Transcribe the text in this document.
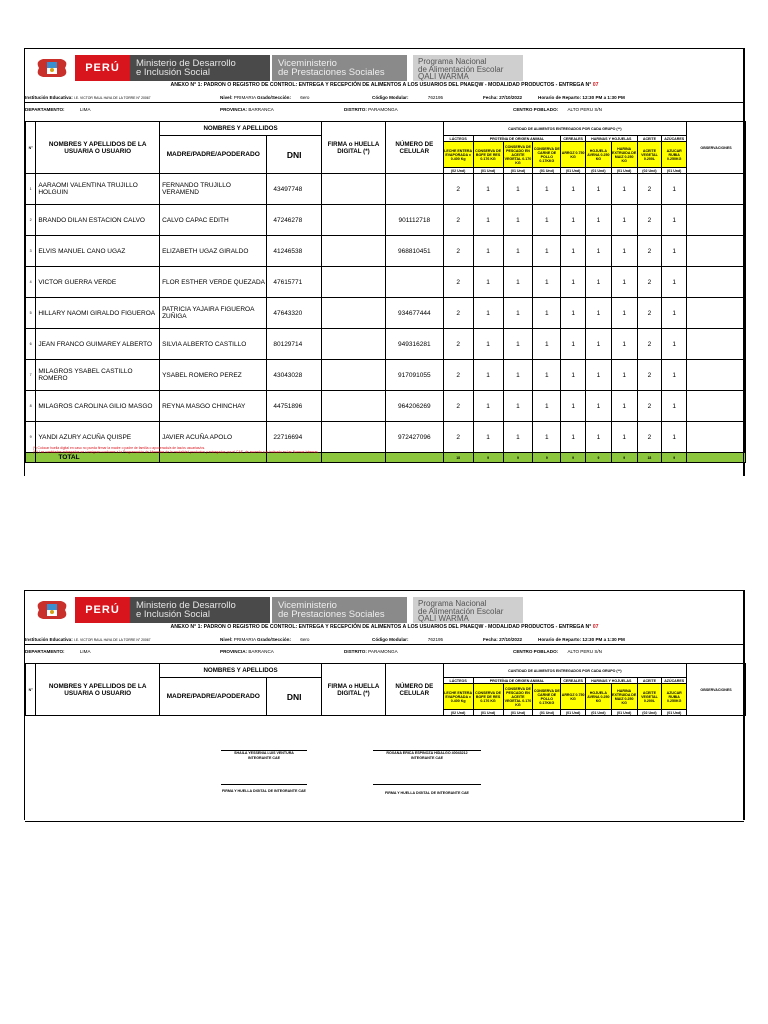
PERÚ	Ministerio de Desarrollo
e Inclusión Social
Viceministerio
de Prestaciones Sociales
Programa Nacional
de Alimentación Escolar
QALI WARMA
ANEXO N° 1: PADRON O REGISTRO DE CONTROL: ENTREGA Y RECEPCIÓN DE ALIMENTOS A LOS USUARIOS DEL PNAEQW - MODALIDAD PRODUCTOS - ENTREGA N° 07
Institución Educativa: I.E. VICTOR RAUL HAYA DE LA TORRE N° 20067	Nivel: PRIMARIA Grado/Sección: 6ero	Código Modular:	762195	Fecha: 27/10/2022	Horario de Reparto: 12:30 PM a 1:30 PM
DEPARTAMENTO:	LIMA	PROVINCIA: BARRANCA	DISTRITO: PARAMONGA	CENTRO POBLADO: ALTO PERU S/N
N°	NOMBRES Y APELLIDOS DE LA USUARIA O USUARIO	NOMBRES Y APELLIDOS		FIRMA o HUELLA DIGITAL (*)	NÚMERO DE CELULAR	CANTIDAD DE ALIMENTOS ENTREGADOS POR CADA GRUPO (**)									OBSERVACIONES
		MADRE/PADRE/APODERADO	DNI			LÁCTEOS	PROTEÍNA DE ORIGEN ANIMAL			CEREALES	HARINAS Y HOJUELAS		ACEITE	AZÚCARES	
						LECHE ENTERA EVAPORADA x 0.400 Kg	CONSERVA DE BOFE DE RES 0.176 KG	CONSERVA DE PESCADO EN ACEITE VEGETAL 0.170 KG	CONSERVA DE CARNE DE POLLO 0.17KKG	ARROZ 0.750 KG	HOJUELA AVENA 0.250 KG	HARINA EXTRUIDA DE MAIZ 0.250 KG	ACEITE VEGETAL 0.200L	AZUCAR RUBIA 0.250KG	
						(02 Und)	(01 Und)	(01 Und)	(01 Und)	(01 Und)	(01 Und)	(01 Und)	(02 Und)	(01 Und)	
1	AARAOMI VALENTINA TRUJILLO HOLGUIN	FERNANDO TRUJILLO VERAMEND	43497748			2	1	1	1	1	1	1	2	1	
2	BRANDO DILAN ESTACION CALVO	CALVO CAPAC EDITH	47246278		901112718	2	1	1	1	1	1	1	2	1	
3	ELVIS MANUEL CANO UGAZ	ELIZABETH UGAZ GIRALDO	41246538		968810451	2	1	1	1	1	1	1	2	1	
4	VICTOR GUERRA VERDE	FLOR ESTHER VERDE QUEZADA	47615771			2	1	1	1	1	1	1	2	1	
5	HILLARY NAOMI GIRALDO FIGUEROA	PATRICIA YAJAIRA FIGUEROA ZUÑIGA	47643320		934677444	2	1	1	1	1	1	1	2	1	
6	JEAN FRANCO GUIMAREY ALBERTO	SILVIA ALBERTO CASTILLO	80129714		949316281	2	1	1	1	1	1	1	2	1	
7	MILAGROS YSABEL CASTILLO ROMERO	YSABEL ROMERO PEREZ	43043028		917091055	2	1	1	1	1	1	1	2	1	
8	MILAGROS CAROLINA GILIO MASGO	REYNA MASGO CHINCHAY	44751896		964206269	2	1	1	1	1	1	1	2	1	
9	YANDI AZURY ACUÑA QUISPE	JAVIER ACUÑA APOLO	22716694		972427096	2	1	1	1	1	1	1	2	1	
	TOTAL					18	9	9	9	9	9	9	18	9	
(*) Colocar huella digital en caso no pueda firmar la madre o padre de familia o apoderado/a de las/os usuarias/os.
(**) Las cantidades entregadas se consignan conforme a la Programación de Alimentos de la modalidad productos y entregadas por el CAE, de acuerdo a lo indicado en las Normas Internas.
PERÚ	Ministerio de Desarrollo
e Inclusión Social
Viceministerio
de Prestaciones Sociales
Programa Nacional
de Alimentación Escolar
QALI WARMA
ANEXO N° 1: PADRON O REGISTRO DE CONTROL: ENTREGA Y RECEPCIÓN DE ALIMENTOS A LOS USUARIOS DEL PNAEQW - MODALIDAD PRODUCTOS - ENTREGA N° 07
Institución Educativa: I.E. VICTOR RAUL HAYA DE LA TORRE N° 20067	Nivel: PRIMARIA Grado/Sección: 6ero	Código Modular:	762195	Fecha: 27/10/2022	Horario de Reparto: 12:30 PM a 1:30 PM
DEPARTAMENTO:	LIMA	PROVINCIA: BARRANCA	DISTRITO: PARAMONGA	CENTRO POBLADO: ALTO PERU S/N
N°	NOMBRES Y APELLIDOS DE LA USUARIA O USUARIO	NOMBRES Y APELLIDOS		FIRMA o HUELLA DIGITAL (*)	NÚMERO DE CELULAR	CANTIDAD DE ALIMENTOS ENTREGADOS POR CADA GRUPO (**)									OBSERVACIONES
		MADRE/PADRE/APODERADO	DNI			LÁCTEOS	PROTEÍNA DE ORIGEN ANIMAL			CEREALES	HARINAS Y HOJUELAS		ACEITE	AZÚCARES	
						LECHE ENTERA EVAPORADA x 0.400 Kg	CONSERVA DE BOFE DE RES 0.176 KG	CONSERVA DE PESCADO EN ACEITE VEGETAL 0.170 KG	CONSERVA DE CARNE DE POLLO 0.17KKG	ARROZ 0.750 KG	HOJUELA AVENA 0.250 KG	HARINA EXTRUIDA DE MAIZ 0.250 KG	ACEITE VEGETAL 0.200L	AZUCAR RUBIA 0.250KG	
						(02 Und)	(01 Und)	(01 Und)	(01 Und)	(01 Und)	(01 Und)	(01 Und)	(02 Und)	(01 Und)	
SHAILA YESSENIA LUIS VENTURA
INTEGRANTE CAE
ROXANA ERICA ESPINOZA HIDALGO 40043212
INTEGRANTE CAE
FIRMA Y HUELLA DIGITAL DE INTEGRANTE CAE	FIRMA Y HUELLA DIGITAL DE INTEGRANTE CAE
